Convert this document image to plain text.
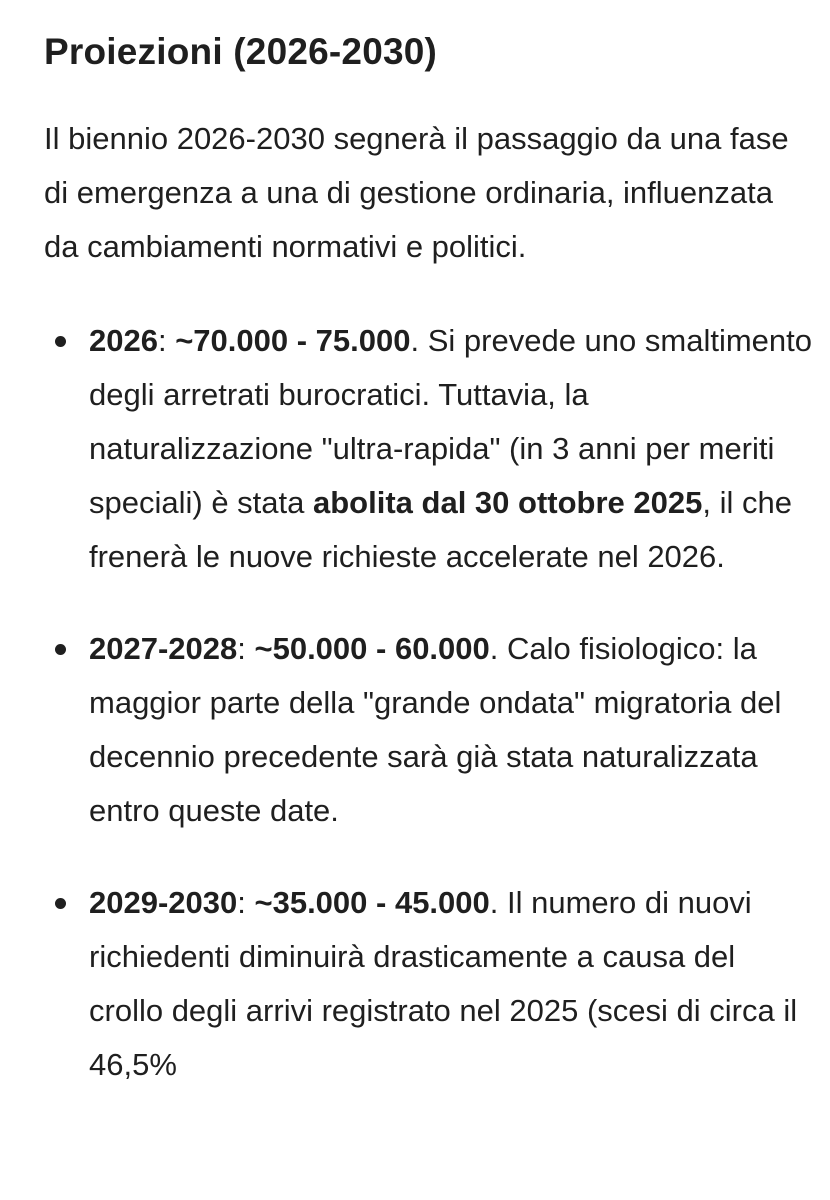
Proiezioni (2026-2030)

Il biennio 2026-2030 segnerà il passaggio da una fase di emergenza a una di gestione ordinaria, influenzata da cambiamenti normativi e politici.

2026: ~70.000 - 75.000. Si prevede uno smaltimento degli arretrati burocratici. Tuttavia, la naturalizzazione "ultra-rapida" (in 3 anni per meriti speciali) è stata abolita dal 30 ottobre 2025, il che frenerà le nuove richieste accelerate nel 2026.
2027-2028: ~50.000 - 60.000. Calo fisiologico: la maggior parte della "grande ondata" migratoria del decennio precedente sarà già stata naturalizzata entro queste date.
2029-2030: ~35.000 - 45.000. Il numero di nuovi richiedenti diminuirà drasticamente a causa del crollo degli arrivi registrato nel 2025 (scesi di circa il 46,5%
